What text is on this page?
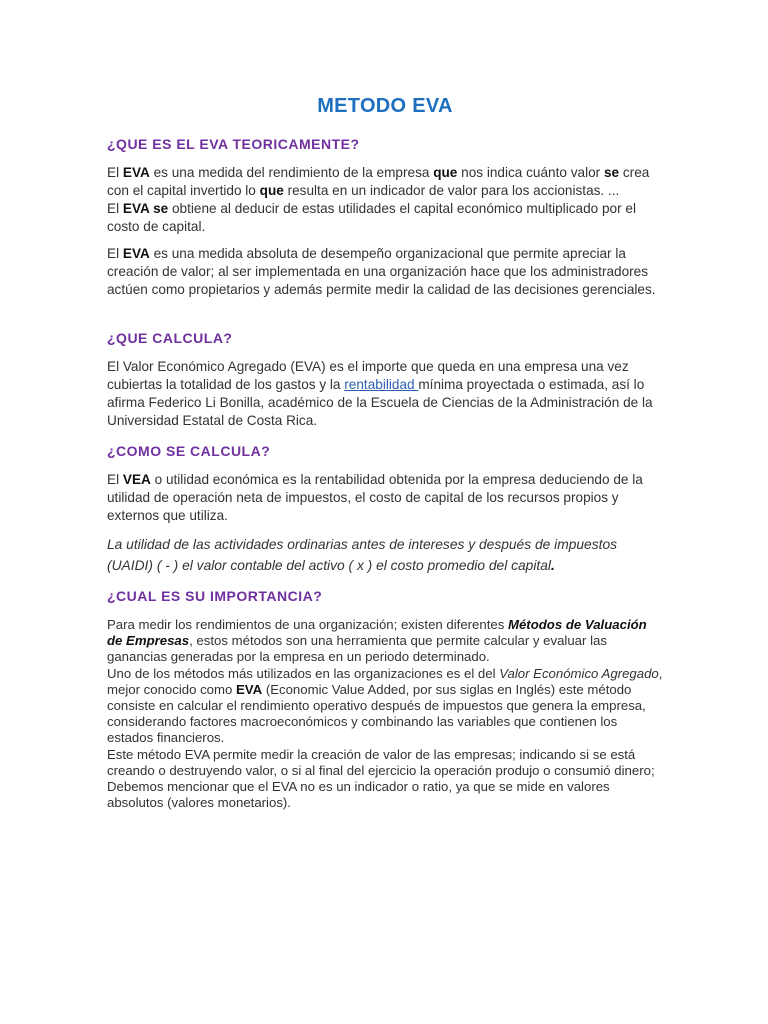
METODO EVA
¿QUE ES EL EVA TEORICAMENTE?

El EVA es una medida del rendimiento de la empresa que nos indica cuánto valor se crea con el capital invertido lo que resulta en un indicador de valor para los accionistas. ...
El EVA se obtiene al deducir de estas utilidades el capital económico multiplicado por el costo de capital.

El EVA es una medida absoluta de desempeño organizacional que permite apreciar la creación de valor; al ser implementada en una organización hace que los administradores actúen como propietarios y además permite medir la calidad de las decisiones gerenciales.

¿QUE CALCULA?

El Valor Económico Agregado (EVA) es el importe que queda en una empresa una vez cubiertas la totalidad de los gastos y la rentabilidad mínima proyectada o estimada, así lo afirma Federico Li Bonilla, académico de la Escuela de Ciencias de la Administración de la Universidad Estatal de Costa Rica.

¿COMO SE CALCULA?

El VEA o utilidad económica es la rentabilidad obtenida por la empresa deduciendo de la utilidad de operación neta de impuestos, el costo de capital de los recursos propios y externos que utiliza.

La utilidad de las actividades ordinarias antes de intereses y después de impuestos (UAIDI) ( - ) el valor contable del activo ( x ) el costo promedio del capital.

¿CUAL ES SU IMPORTANCIA?

Para medir los rendimientos de una organización; existen diferentes Métodos de Valuación de Empresas, estos métodos son una herramienta que permite calcular y evaluar las ganancias generadas por la empresa en un periodo determinado.
Uno de los métodos más utilizados en las organizaciones es el del Valor Económico Agregado, mejor conocido como EVA (Economic Value Added, por sus siglas en Inglés) este método consiste en calcular el rendimiento operativo después de impuestos que genera la empresa, considerando factores macroeconómicos y combinando las variables que contienen los estados financieros.
Este método EVA permite medir la creación de valor de las empresas; indicando si se está creando o destruyendo valor, o si al final del ejercicio la operación produjo o consumió dinero; Debemos mencionar que el EVA no es un indicador o ratio, ya que se mide en valores absolutos (valores monetarios).
